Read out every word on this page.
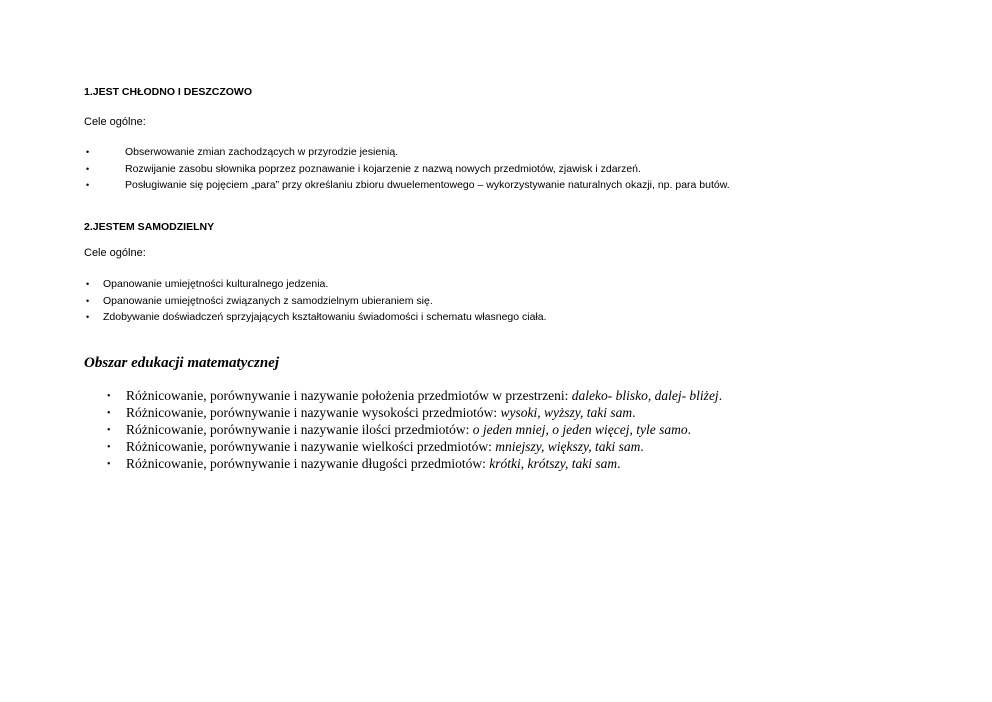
1.JEST CHŁODNO I DESZCZOWO
Cele ogólne:
•	Obserwowanie zmian zachodzących w przyrodzie jesienią.
•	Rozwijanie zasobu słownika poprzez poznawanie i kojarzenie z nazwą nowych przedmiotów, zjawisk i zdarzeń.
•	Posługiwanie się pojęciem „para” przy określaniu zbioru dwuelementowego – wykorzystywanie naturalnych okazji, np. para butów.
2.JESTEM SAMODZIELNY
Cele ogólne:
• Opanowanie umiejętności kulturalnego jedzenia.
• Opanowanie umiejętności związanych z samodzielnym ubieraniem się.
• Zdobywanie doświadczeń sprzyjających kształtowaniu świadomości i schematu własnego ciała.
Obszar edukacji matematycznej
• Różnicowanie, porównywanie i nazywanie położenia przedmiotów w przestrzeni: daleko- blisko, dalej- bliżej.
• Różnicowanie, porównywanie i nazywanie wysokości przedmiotów: wysoki, wyższy, taki sam.
• Różnicowanie, porównywanie i nazywanie ilości przedmiotów: o jeden mniej, o jeden więcej, tyle samo.
• Różnicowanie, porównywanie i nazywanie wielkości przedmiotów: mniejszy, większy, taki sam.
• Różnicowanie, porównywanie i nazywanie długości przedmiotów: krótki, krótszy, taki sam.
